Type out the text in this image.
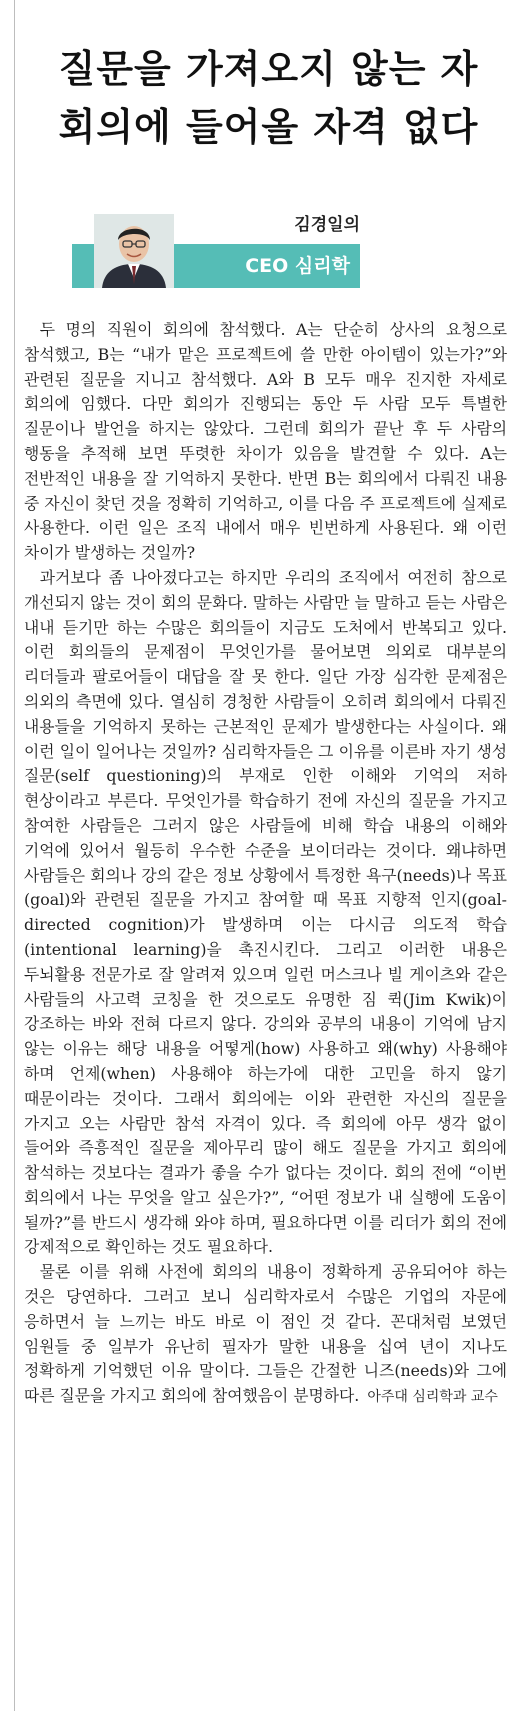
질문을 가져오지 않는 자
회의에 들어올 자격 없다
김경일의
CEO 심리학

두 명의 직원이 회의에 참석했다. A는 단순히 상사의 요청으로 참석했고, B는 “내가 맡은 프로젝트에 쓸 만한 아이템이 있는가?”와 관련된 질문을 지니고 참석했다. A와 B 모두 매우 진지한 자세로 회의에 임했다. 다만 회의가 진행되는 동안 두 사람 모두 특별한 질문이나 발언을 하지는 않았다. 그런데 회의가 끝난 후 두 사람의 행동을 추적해 보면 뚜렷한 차이가 있음을 발견할 수 있다. A는 전반적인 내용을 잘 기억하지 못한다. 반면 B는 회의에서 다뤄진 내용 중 자신이 찾던 것을 정확히 기억하고, 이를 다음 주 프로젝트에 실제로 사용한다. 이런 일은 조직 내에서 매우 빈번하게 사용된다. 왜 이런 차이가 발생하는 것일까?

과거보다 좀 나아졌다고는 하지만 우리의 조직에서 여전히 참으로 개선되지 않는 것이 회의 문화다. 말하는 사람만 늘 말하고 듣는 사람은 내내 듣기만 하는 수많은 회의들이 지금도 도처에서 반복되고 있다. 이런 회의들의 문제점이 무엇인가를 물어보면 의외로 대부분의 리더들과 팔로어들이 대답을 잘 못 한다. 일단 가장 심각한 문제점은 의외의 측면에 있다. 열심히 경청한 사람들이 오히려 회의에서 다뤄진 내용들을 기억하지 못하는 근본적인 문제가 발생한다는 사실이다. 왜 이런 일이 일어나는 것일까? 심리학자들은 그 이유를 이른바 자기 생성 질문(self questioning)의 부재로 인한 이해와 기억의 저하 현상이라고 부른다. 무엇인가를 학습하기 전에 자신의 질문을 가지고 참여한 사람들은 그러지 않은 사람들에 비해 학습 내용의 이해와 기억에 있어서 월등히 우수한 수준을 보이더라는 것이다. 왜냐하면 사람들은 회의나 강의 같은 정보 상황에서 특정한 욕구(needs)나 목표(goal)와 관련된 질문을 가지고 참여할 때 목표 지향적 인지(goal-directed cognition)가 발생하며 이는 다시금 의도적 학습(intentional learning)을 촉진시킨다. 그리고 이러한 내용은 두뇌활용 전문가로 잘 알려져 있으며 일런 머스크나 빌 게이츠와 같은 사람들의 사고력 코칭을 한 것으로도 유명한 짐 퀵(Jim Kwik)이 강조하는 바와 전혀 다르지 않다. 강의와 공부의 내용이 기억에 남지 않는 이유는 해당 내용을 어떻게(how) 사용하고 왜(why) 사용해야 하며 언제(when) 사용해야 하는가에 대한 고민을 하지 않기 때문이라는 것이다. 그래서 회의에는 이와 관련한 자신의 질문을 가지고 오는 사람만 참석 자격이 있다. 즉 회의에 아무 생각 없이 들어와 즉흥적인 질문을 제아무리 많이 해도 질문을 가지고 회의에 참석하는 것보다는 결과가 좋을 수가 없다는 것이다. 회의 전에 “이번 회의에서 나는 무엇을 알고 싶은가?”, “어떤 정보가 내 실행에 도움이 될까?”를 반드시 생각해 와야 하며, 필요하다면 이를 리더가 회의 전에 강제적으로 확인하는 것도 필요하다.

물론 이를 위해 사전에 회의의 내용이 정확하게 공유되어야 하는 것은 당연하다. 그러고 보니 심리학자로서 수많은 기업의 자문에 응하면서 늘 느끼는 바도 바로 이 점인 것 같다. 꼰대처럼 보였던 임원들 중 일부가 유난히 필자가 말한 내용을 십여 년이 지나도 정확하게 기억했던 이유 말이다. 그들은 간절한 니즈(needs)와 그에 따른 질문을 가지고 회의에 참여했음이 분명하다. 아주대 심리학과 교수
